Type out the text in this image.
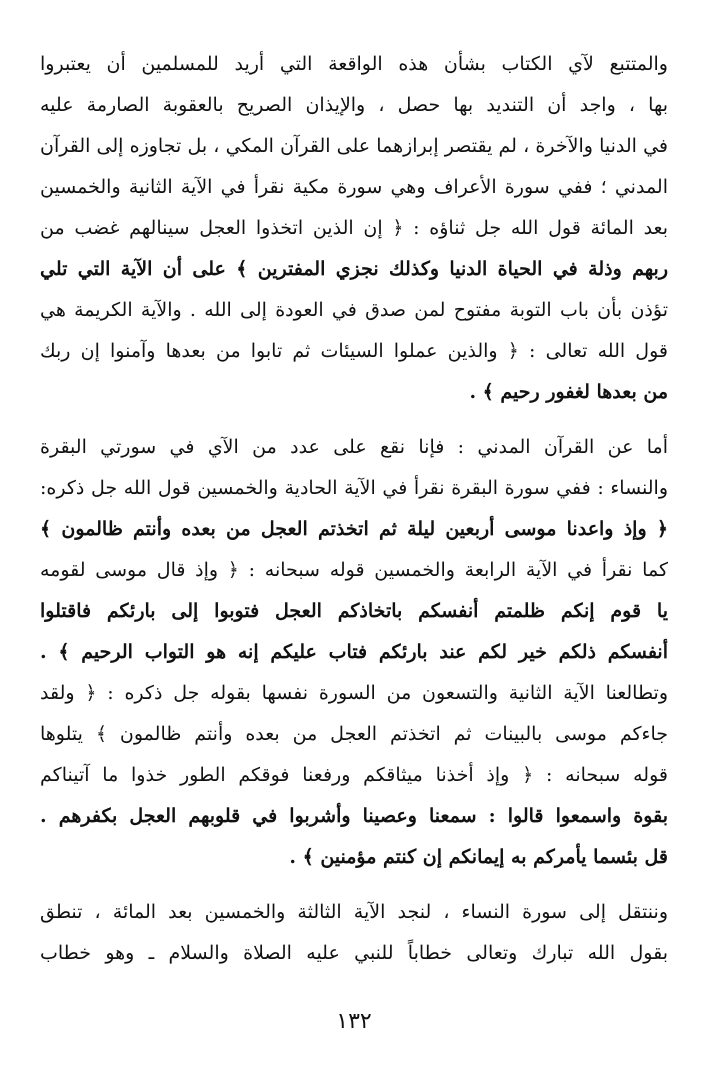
والمتتبع لآي الكتاب بشأن هذه الواقعة التي أريد للمسلمين أن يعتبروا
بها ، واجد أن التنديد بها حصل ، والإيذان الصريح بالعقوبة الصارمة عليه
في الدنيا والآخرة ، لم يقتصر إبرازهما على القرآن المكي ، بل تجاوزه إلى القرآن
المدني ؛ ففي سورة الأعراف وهي سورة مكية نقرأ في الآية الثانية والخمسين
بعد المائة قول الله جل ثناؤه : ﴿ إن الذين اتخذوا العجل سينالهم غضب من
ربهم وذلة في الحياة الدنيا وكذلك نجزي المفترين ﴾ على أن الآية التي تلي
تؤذن بأن باب التوبة مفتوح لمن صدق في العودة إلى الله . والآية الكريمة هي
قول الله تعالى : ﴿ والذين عملوا السيئات ثم تابوا من بعدها وآمنوا إن ربك
من بعدها لغفور رحيم ﴾ .
أما عن القرآن المدني : فإنا نقع على عدد من الآي في سورتي البقرة
والنساء : ففي سورة البقرة نقرأ في الآية الحادية والخمسين قول الله جل ذكره:
﴿ وإذ واعدنا موسى أربعين ليلة ثم اتخذتم العجل من بعده وأنتم ظالمون ﴾
كما نقرأ في الآية الرابعة والخمسين قوله سبحانه : ﴿ وإذ قال موسى لقومه
يا قوم إنكم ظلمتم أنفسكم باتخاذكم العجل فتوبوا إلى بارئكم فاقتلوا
أنفسكم ذلكم خير لكم عند بارئكم فتاب عليكم إنه هو التواب الرحيم ﴾ .
وتطالعنا الآية الثانية والتسعون من السورة نفسها بقوله جل ذكره : ﴿ ولقد
جاءكم موسى بالبينات ثم اتخذتم العجل من بعده وأنتم ظالمون ﴾ يتلوها
قوله سبحانه : ﴿ وإذ أخذنا ميثاقكم ورفعنا فوقكم الطور خذوا ما آتيناكم
بقوة واسمعوا قالوا : سمعنا وعصينا وأشربوا في قلوبهم العجل بكفرهم .
قل بئسما يأمركم به إيمانكم إن كنتم مؤمنين ﴾ .
وننتقل إلى سورة النساء ، لنجد الآية الثالثة والخمسين بعد المائة ، تنطق
بقول الله تبارك وتعالى خطاباً للنبي عليه الصلاة والسلام ـ وهو خطاب
١٣٢
